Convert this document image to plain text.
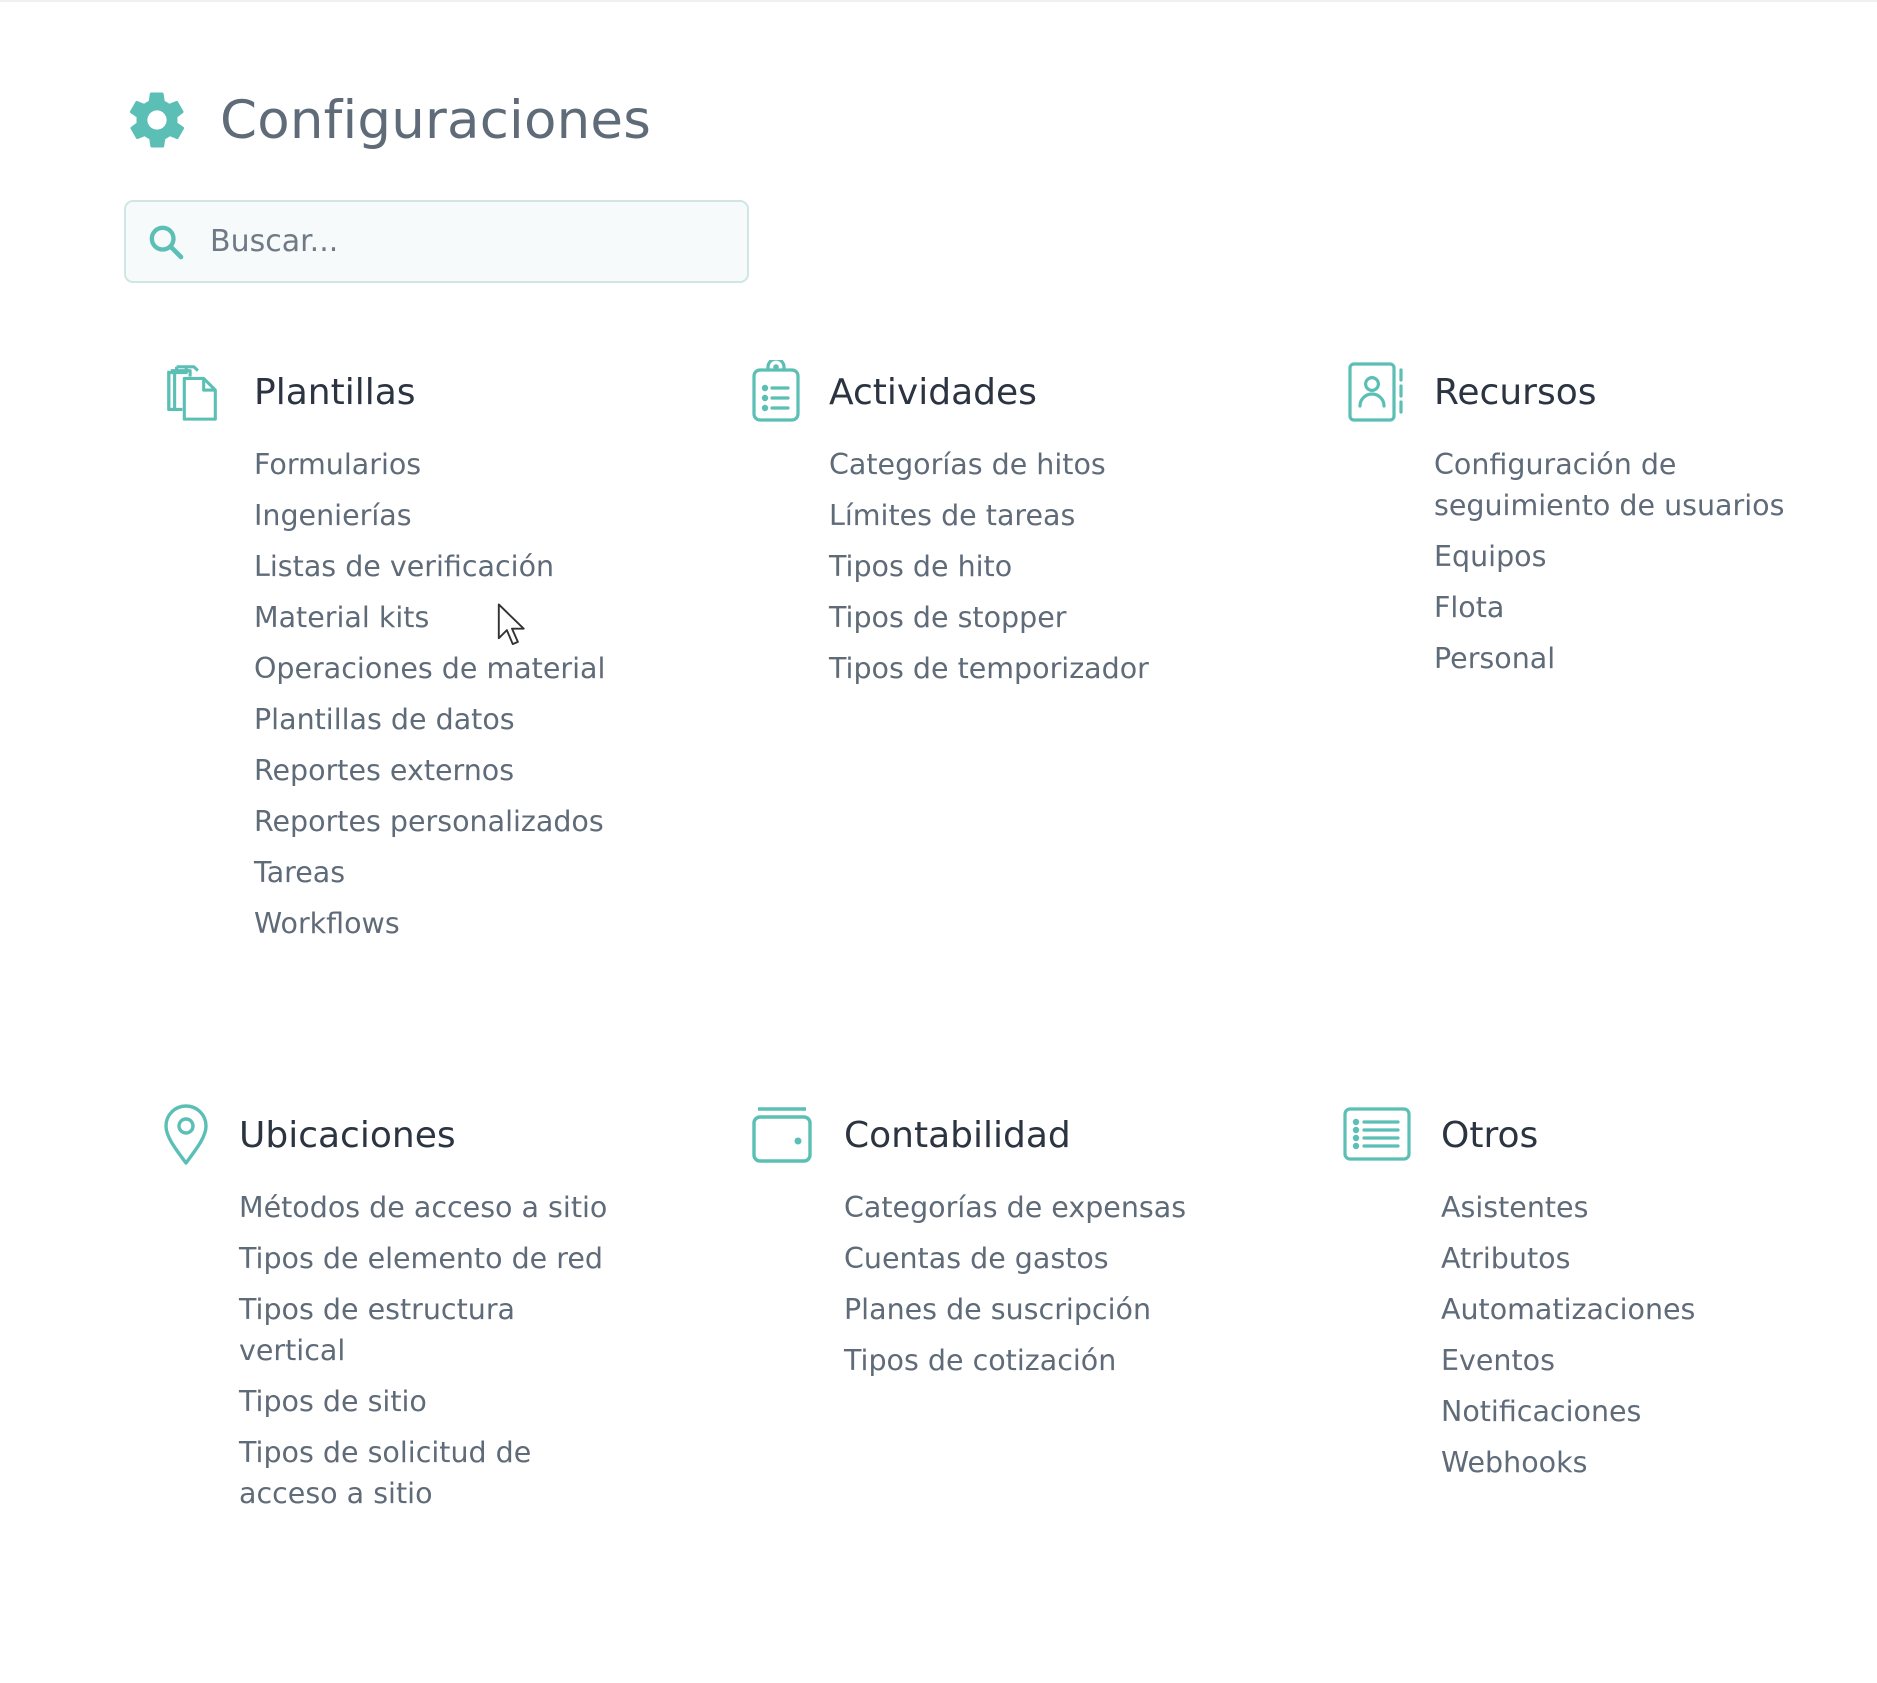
Configuraciones
Buscar...
Plantillas
Formularios
Ingenierías
Listas de verificación
Material kits
Operaciones de material
Plantillas de datos
Reportes externos
Reportes personalizados
Tareas
Workflows
Actividades
Categorías de hitos
Límites de tareas
Tipos de hito
Tipos de stopper
Tipos de temporizador
Recursos
Configuración de seguimiento de usuarios
Equipos
Flota
Personal
Ubicaciones
Métodos de acceso a sitio
Tipos de elemento de red
Tipos de estructura vertical
Tipos de sitio
Tipos de solicitud de acceso a sitio
Contabilidad
Categorías de expensas
Cuentas de gastos
Planes de suscripción
Tipos de cotización
Otros
Asistentes
Atributos
Automatizaciones
Eventos
Notificaciones
Webhooks
